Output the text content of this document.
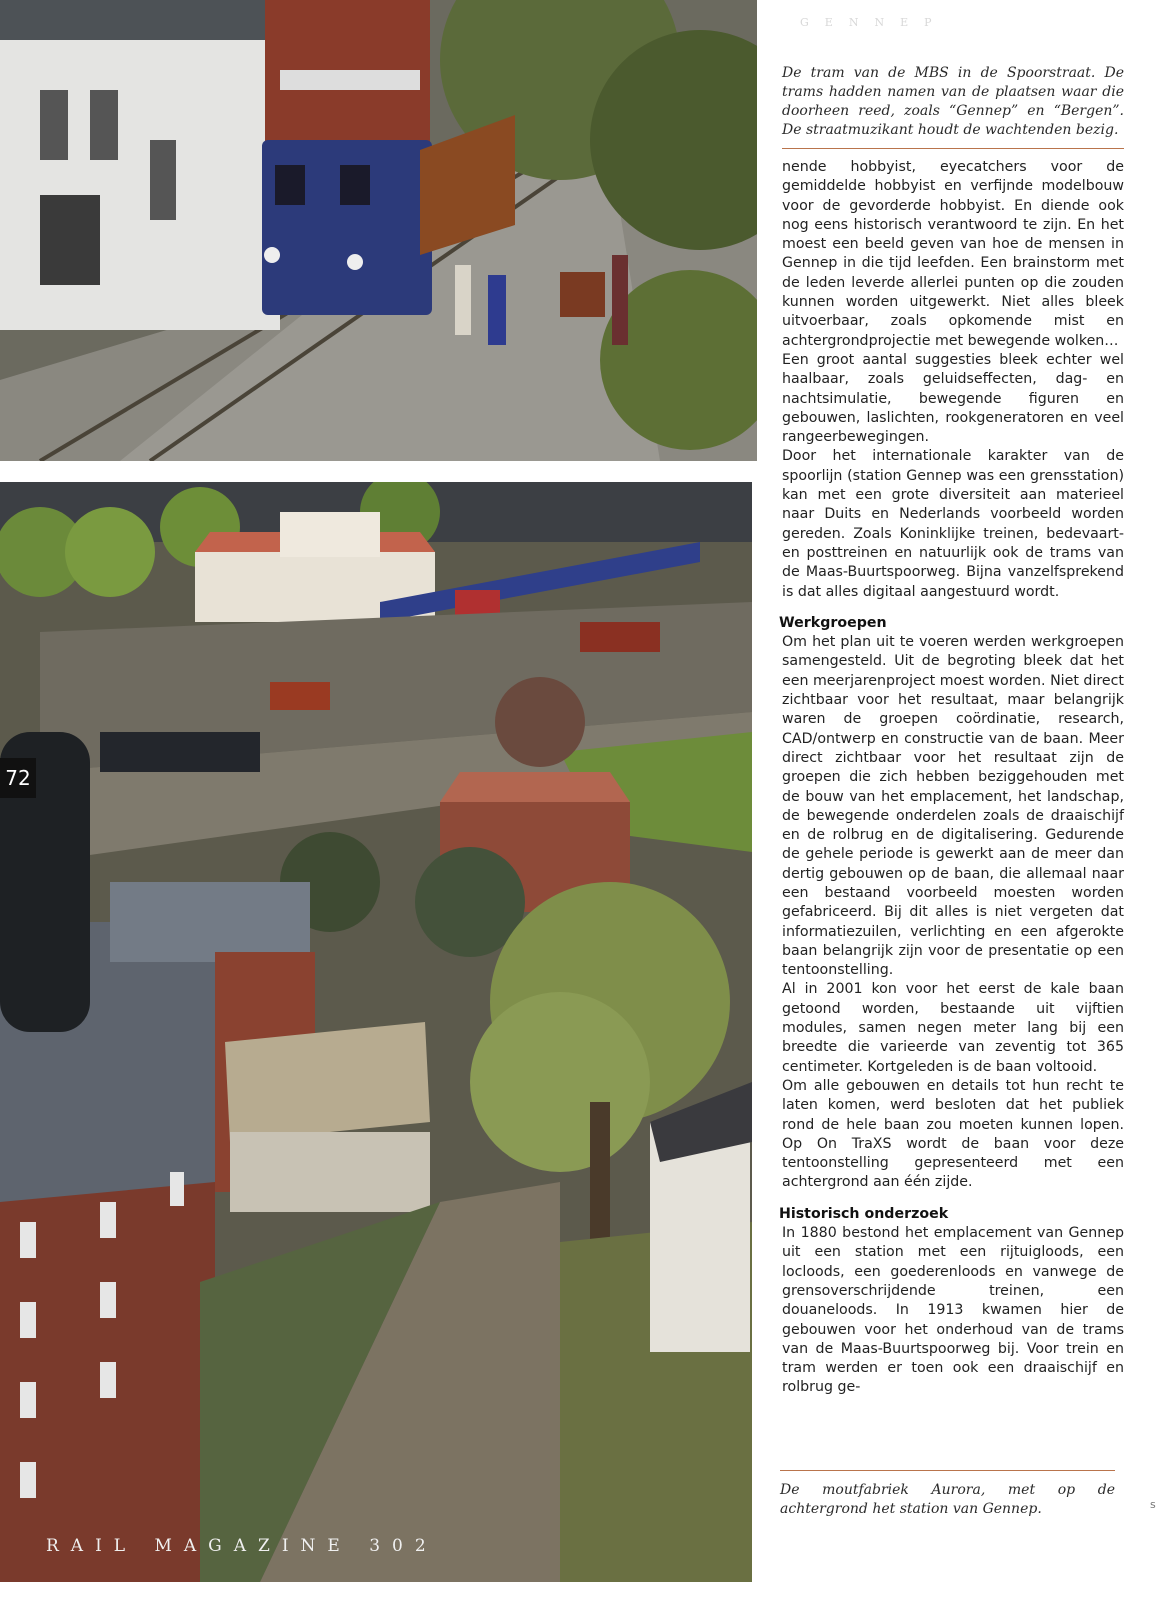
72
RAIL MAGAZINE 302
GENNEP
De tram van de MBS in de Spoorstraat. De trams hadden namen van de plaatsen waar die doorheen reed, zoals “Gennep” en “Bergen”. De straatmuzikant houdt de wachtenden bezig.

nende hobbyist, eyecatchers voor de gemiddelde hobbyist en verfijnde modelbouw voor de gevorderde hobbyist. En diende ook nog eens historisch verantwoord te zijn. En het moest een beeld geven van hoe de mensen in Gennep in die tijd leefden. Een brainstorm met de leden leverde allerlei punten op die zouden kunnen worden uitgewerkt. Niet alles bleek uitvoerbaar, zoals opkomende mist en achtergrondprojectie met bewegende wolken…

Een groot aantal suggesties bleek echter wel haalbaar, zoals geluidseffecten, dag- en nachtsimulatie, bewegende figuren en gebouwen, laslichten, rookgeneratoren en veel rangeerbewegingen.

Door het internationale karakter van de spoorlijn (station Gennep was een grensstation) kan met een grote diversiteit aan materieel naar Duits en Nederlands voorbeeld worden gereden. Zoals Koninklijke treinen, bedevaart- en posttreinen en natuurlijk ook de trams van de Maas-Buurtspoorweg. Bijna vanzelfsprekend is dat alles digitaal aangestuurd wordt.

Werkgroepen

Om het plan uit te voeren werden werkgroepen samengesteld. Uit de begroting bleek dat het een meerjarenproject moest worden. Niet direct zichtbaar voor het resultaat, maar belangrijk waren de groepen coördinatie, research, CAD/ontwerp en constructie van de baan. Meer direct zichtbaar voor het resultaat zijn de groepen die zich hebben beziggehouden met de bouw van het emplacement, het landschap, de bewegende onderdelen zoals de draaischijf en de rolbrug en de digitalisering. Gedurende de gehele periode is gewerkt aan de meer dan dertig gebouwen op de baan, die allemaal naar een bestaand voorbeeld moesten worden gefabriceerd. Bij dit alles is niet vergeten dat informatiezuilen, verlichting en een afgerokte baan belangrijk zijn voor de presentatie op een tentoonstelling.

Al in 2001 kon voor het eerst de kale baan getoond worden, bestaande uit vijftien modules, samen negen meter lang bij een breedte die varieerde van zeventig tot 365 centimeter. Kortgeleden is de baan voltooid.

Om alle gebouwen en details tot hun recht te laten komen, werd besloten dat het publiek rond de hele baan zou moeten kunnen lopen. Op On TraXS wordt de baan voor deze tentoonstelling gepresenteerd met een achtergrond aan één zijde.

Historisch onderzoek

In 1880 bestond het emplacement van Gennep uit een station met een rijtuigloods, een locloods, een goederenloods en vanwege de grensoverschrijdende treinen, een douaneloods. In 1913 kwamen hier de gebouwen voor het onderhoud van de trams van de Maas-Buurtspoorweg bij. Voor trein en tram werden er toen ook een draaischijf en rolbrug ge-

De moutfabriek Aurora, met op de achtergrond het station van Gennep.	s
